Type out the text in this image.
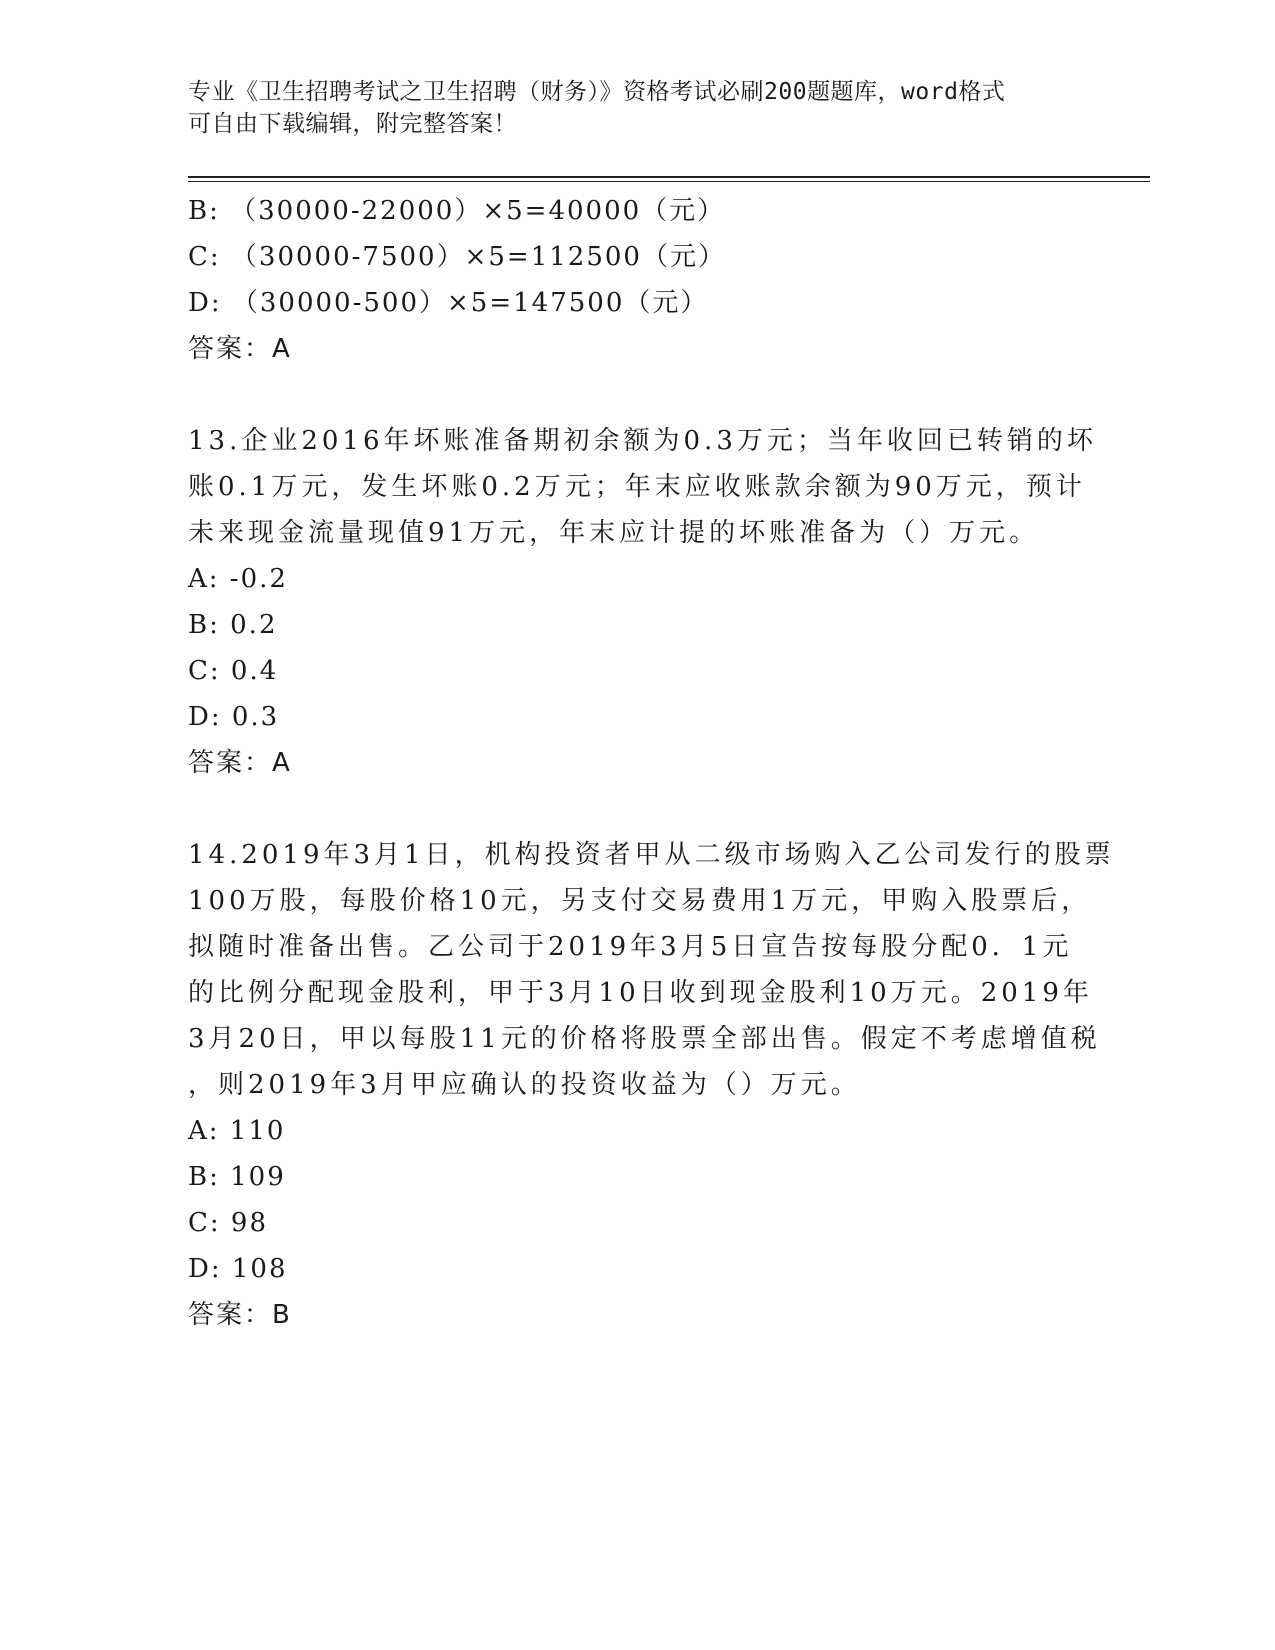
专业《卫生招聘考试之卫生招聘（财务）》资格考试必刷200题题库，word格式
可自由下载编辑，附完整答案！
B: （30000-22000）×5=40000（元）
C: （30000-7500）×5=112500（元）
D: （30000-500）×5=147500（元）
答案：A
13.企业2016年坏账准备期初余额为0.3万元；当年收回已转销的坏
账0.1万元，发生坏账0.2万元；年末应收账款余额为90万元，预计
未来现金流量现值91万元，年末应计提的坏账准备为（）万元。
A: -0.2
B: 0.2
C: 0.4
D: 0.3
答案：A
14.2019年3月1日，机构投资者甲从二级市场购入乙公司发行的股票
100万股，每股价格10元，另支付交易费用1万元，甲购入股票后，
拟随时准备出售。乙公司于2019年3月5日宣告按每股分配0．1元
的比例分配现金股利，甲于3月10日收到现金股利10万元。2019年
3月20日，甲以每股11元的价格将股票全部出售。假定不考虑增值税
，则2019年3月甲应确认的投资收益为（）万元。
A: 110
B: 109
C: 98
D: 108
答案：B
